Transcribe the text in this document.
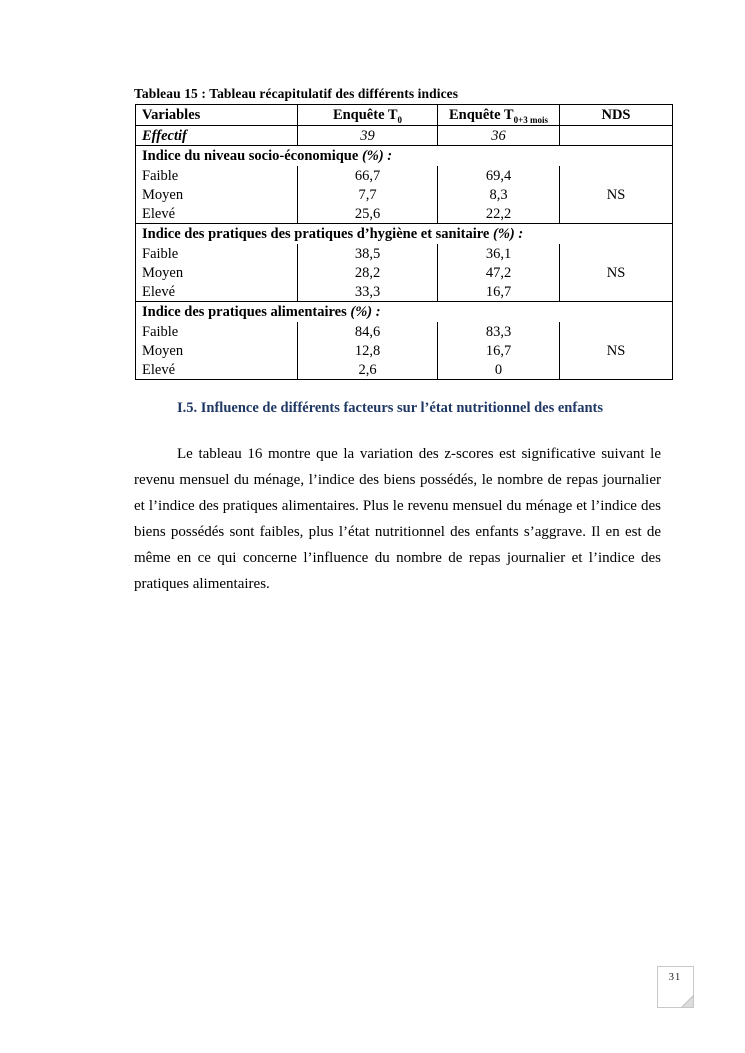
Tableau 15 : Tableau récapitulatif des différents indices
Variables	Enquête $T_0$	Enquête $T_{0+3 mois}$	NDS
Effectif	39	36	
Indice du niveau socio-économique (%) :			
Faible	66,7	69,4	NS
Moyen	7,7	8,3	
Elevé	25,6	22,2	
Indice des pratiques des pratiques d’hygiène et sanitaire (%) :			
Faible	38,5	36,1	NS
Moyen	28,2	47,2	
Elevé	33,3	16,7	
Indice des pratiques alimentaires (%) :			
Faible	84,6	83,3	NS
Moyen	12,8	16,7	
Elevé	2,6	0	
I.5. Influence de différents facteurs sur l’état nutritionnel des enfants

Le tableau 16 montre que la variation des z-scores est significative suivant le revenu mensuel du ménage, l’indice des biens possédés, le nombre de repas journalier et l’indice des pratiques alimentaires. Plus le revenu mensuel du ménage et l’indice des biens possédés sont faibles, plus l’état nutritionnel des enfants s’aggrave. Il en est de même en ce qui concerne l’influence du nombre de repas journalier et l’indice des pratiques alimentaires.

31
